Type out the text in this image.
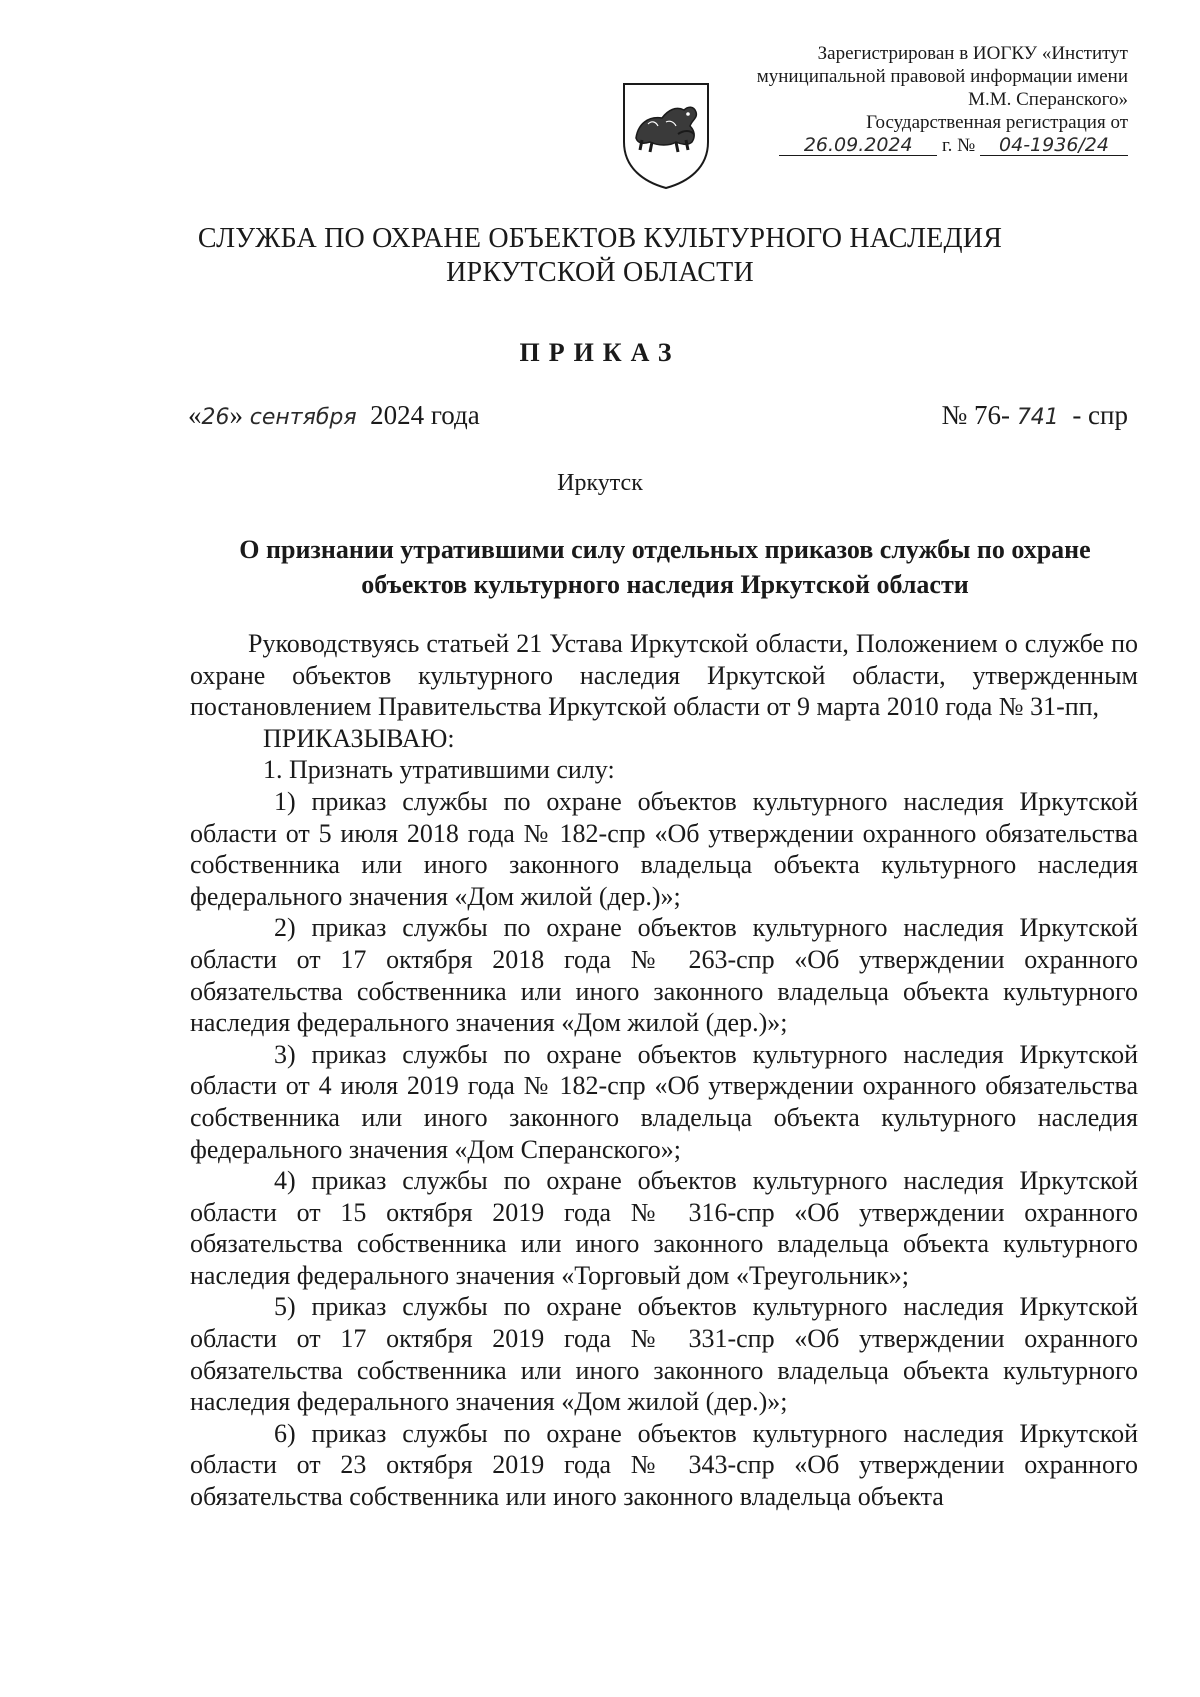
Зарегистрирован в ИОГКУ «Институт
муниципальной правовой информации имени
М.М. Сперанского»
Государственная регистрация от
26.09.2024 г. № 04-1936/24
СЛУЖБА ПО ОХРАНЕ ОБЪЕКТОВ КУЛЬТУРНОГО НАСЛЕДИЯ
ИРКУТСКОЙ ОБЛАСТИ
ПРИКАЗ
«26» сентября 2024 года	№ 76- 741 - спр
Иркутск
О признании утратившими силу отдельных приказов службы по охране
объектов культурного наследия Иркутской области

Руководствуясь статьей 21 Устава Иркутской области, Положением о службе по охране объектов культурного наследия Иркутской области, утвержденным постановлением Правительства Иркутской области от 9 марта 2010 года № 31-пп,

ПРИКАЗЫВАЮ:

1. Признать утратившими силу:

1) приказ службы по охране объектов культурного наследия Иркутской области от 5 июля 2018 года № 182-спр «Об утверждении охранного обязательства собственника или иного законного владельца объекта культурного наследия федерального значения «Дом жилой (дер.)»;

2) приказ службы по охране объектов культурного наследия Иркутской области от 17 октября 2018 года № 263-спр «Об утверждении охранного обязательства собственника или иного законного владельца объекта культурного наследия федерального значения «Дом жилой (дер.)»;

3) приказ службы по охране объектов культурного наследия Иркутской области от 4 июля 2019 года № 182-спр «Об утверждении охранного обязательства собственника или иного законного владельца объекта культурного наследия федерального значения «Дом Сперанского»;

4) приказ службы по охране объектов культурного наследия Иркутской области от 15 октября 2019 года № 316-спр «Об утверждении охранного обязательства собственника или иного законного владельца объекта культурного наследия федерального значения «Торговый дом «Треугольник»;

5) приказ службы по охране объектов культурного наследия Иркутской области от 17 октября 2019 года № 331-спр «Об утверждении охранного обязательства собственника или иного законного владельца объекта культурного наследия федерального значения «Дом жилой (дер.)»;

6) приказ службы по охране объектов культурного наследия Иркутской области от 23 октября 2019 года № 343-спр «Об утверждении охранного обязательства собственника или иного законного владельца объекта
